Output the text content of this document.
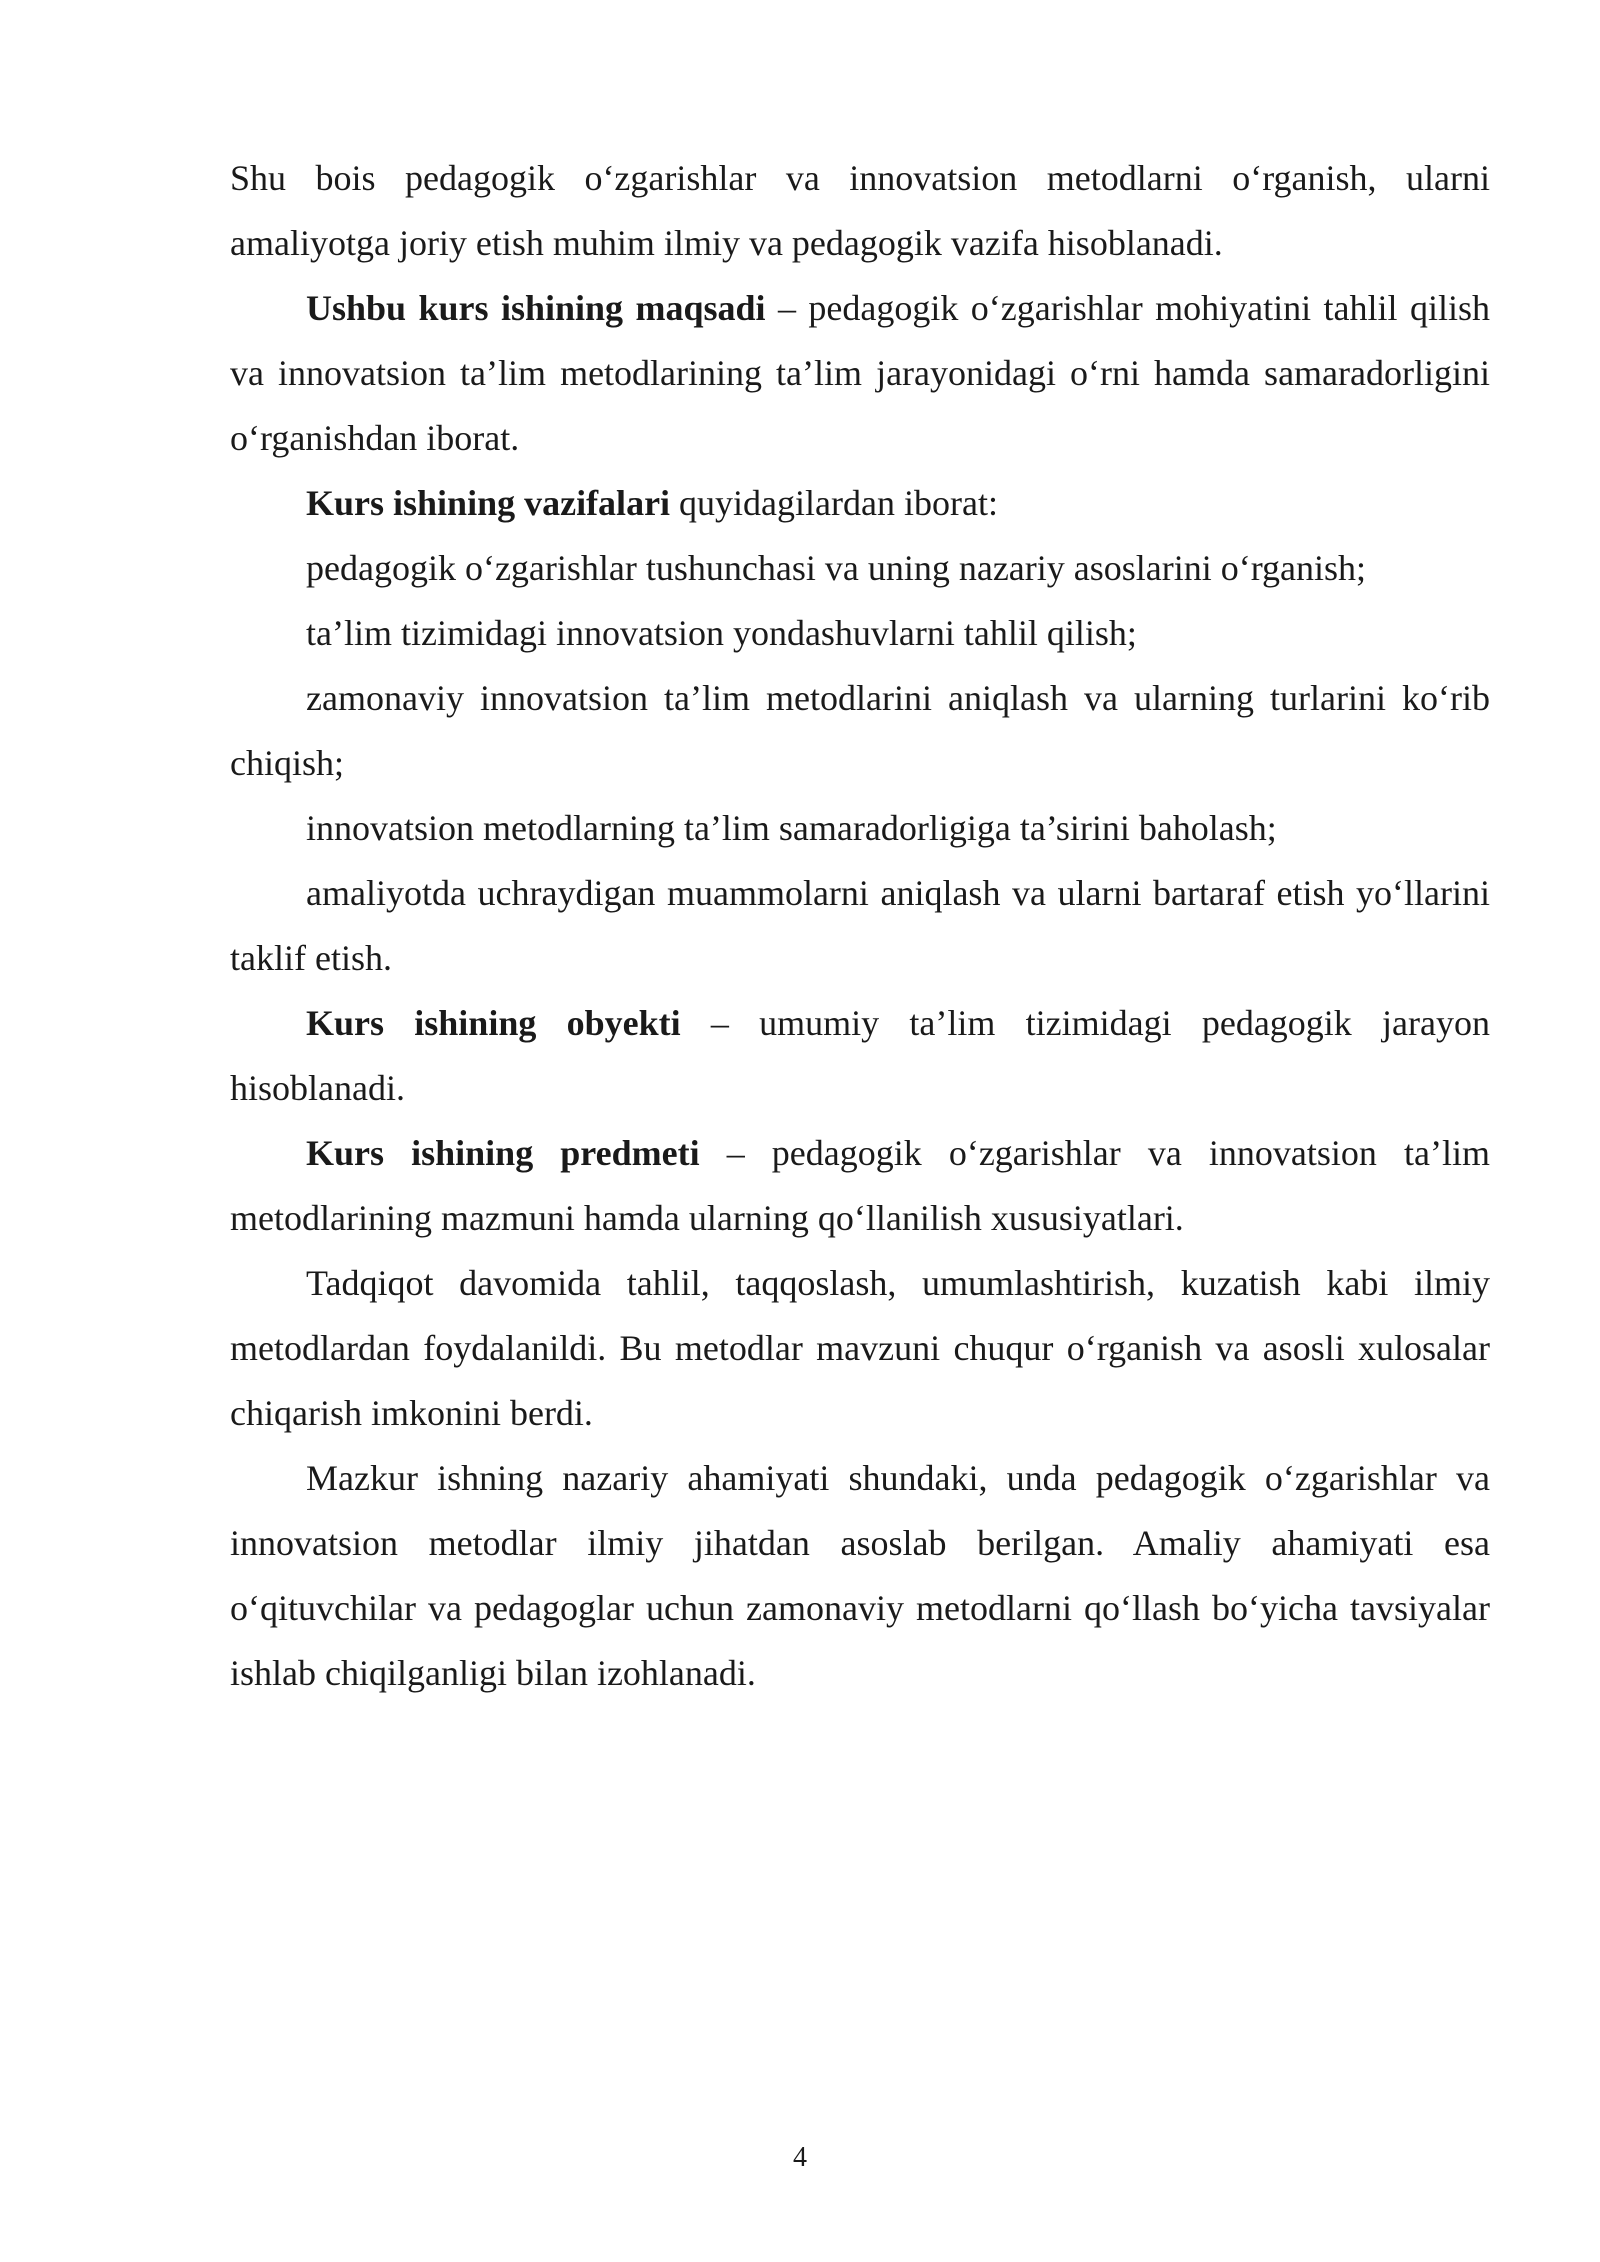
Shu bois pedagogik o‘zgarishlar va innovatsion metodlarni o‘rganish, ularni amaliyotga joriy etish muhim ilmiy va pedagogik vazifa hisoblanadi.

Ushbu kurs ishining maqsadi – pedagogik o‘zgarishlar mohiyatini tahlil qilish va innovatsion ta’lim metodlarining ta’lim jarayonidagi o‘rni hamda samaradorligini o‘rganishdan iborat.

Kurs ishining vazifalari quyidagilardan iborat:

pedagogik o‘zgarishlar tushunchasi va uning nazariy asoslarini o‘rganish;

ta’lim tizimidagi innovatsion yondashuvlarni tahlil qilish;

zamonaviy innovatsion ta’lim metodlarini aniqlash va ularning turlarini ko‘rib chiqish;

innovatsion metodlarning ta’lim samaradorligiga ta’sirini baholash;

amaliyotda uchraydigan muammolarni aniqlash va ularni bartaraf etish yo‘llarini taklif etish.

Kurs ishining obyekti – umumiy ta’lim tizimidagi pedagogik jarayon hisoblanadi.

Kurs ishining predmeti – pedagogik o‘zgarishlar va innovatsion ta’lim metodlarining mazmuni hamda ularning qo‘llanilish xususiyatlari.

Tadqiqot davomida tahlil, taqqoslash, umumlashtirish, kuzatish kabi ilmiy metodlardan foydalanildi. Bu metodlar mavzuni chuqur o‘rganish va asosli xulosalar chiqarish imkonini berdi.

Mazkur ishning nazariy ahamiyati shundaki, unda pedagogik o‘zgarishlar va innovatsion metodlar ilmiy jihatdan asoslab berilgan. Amaliy ahamiyati esa o‘qituvchilar va pedagoglar uchun zamonaviy metodlarni qo‘llash bo‘yicha tavsiyalar ishlab chiqilganligi bilan izohlanadi.

4
